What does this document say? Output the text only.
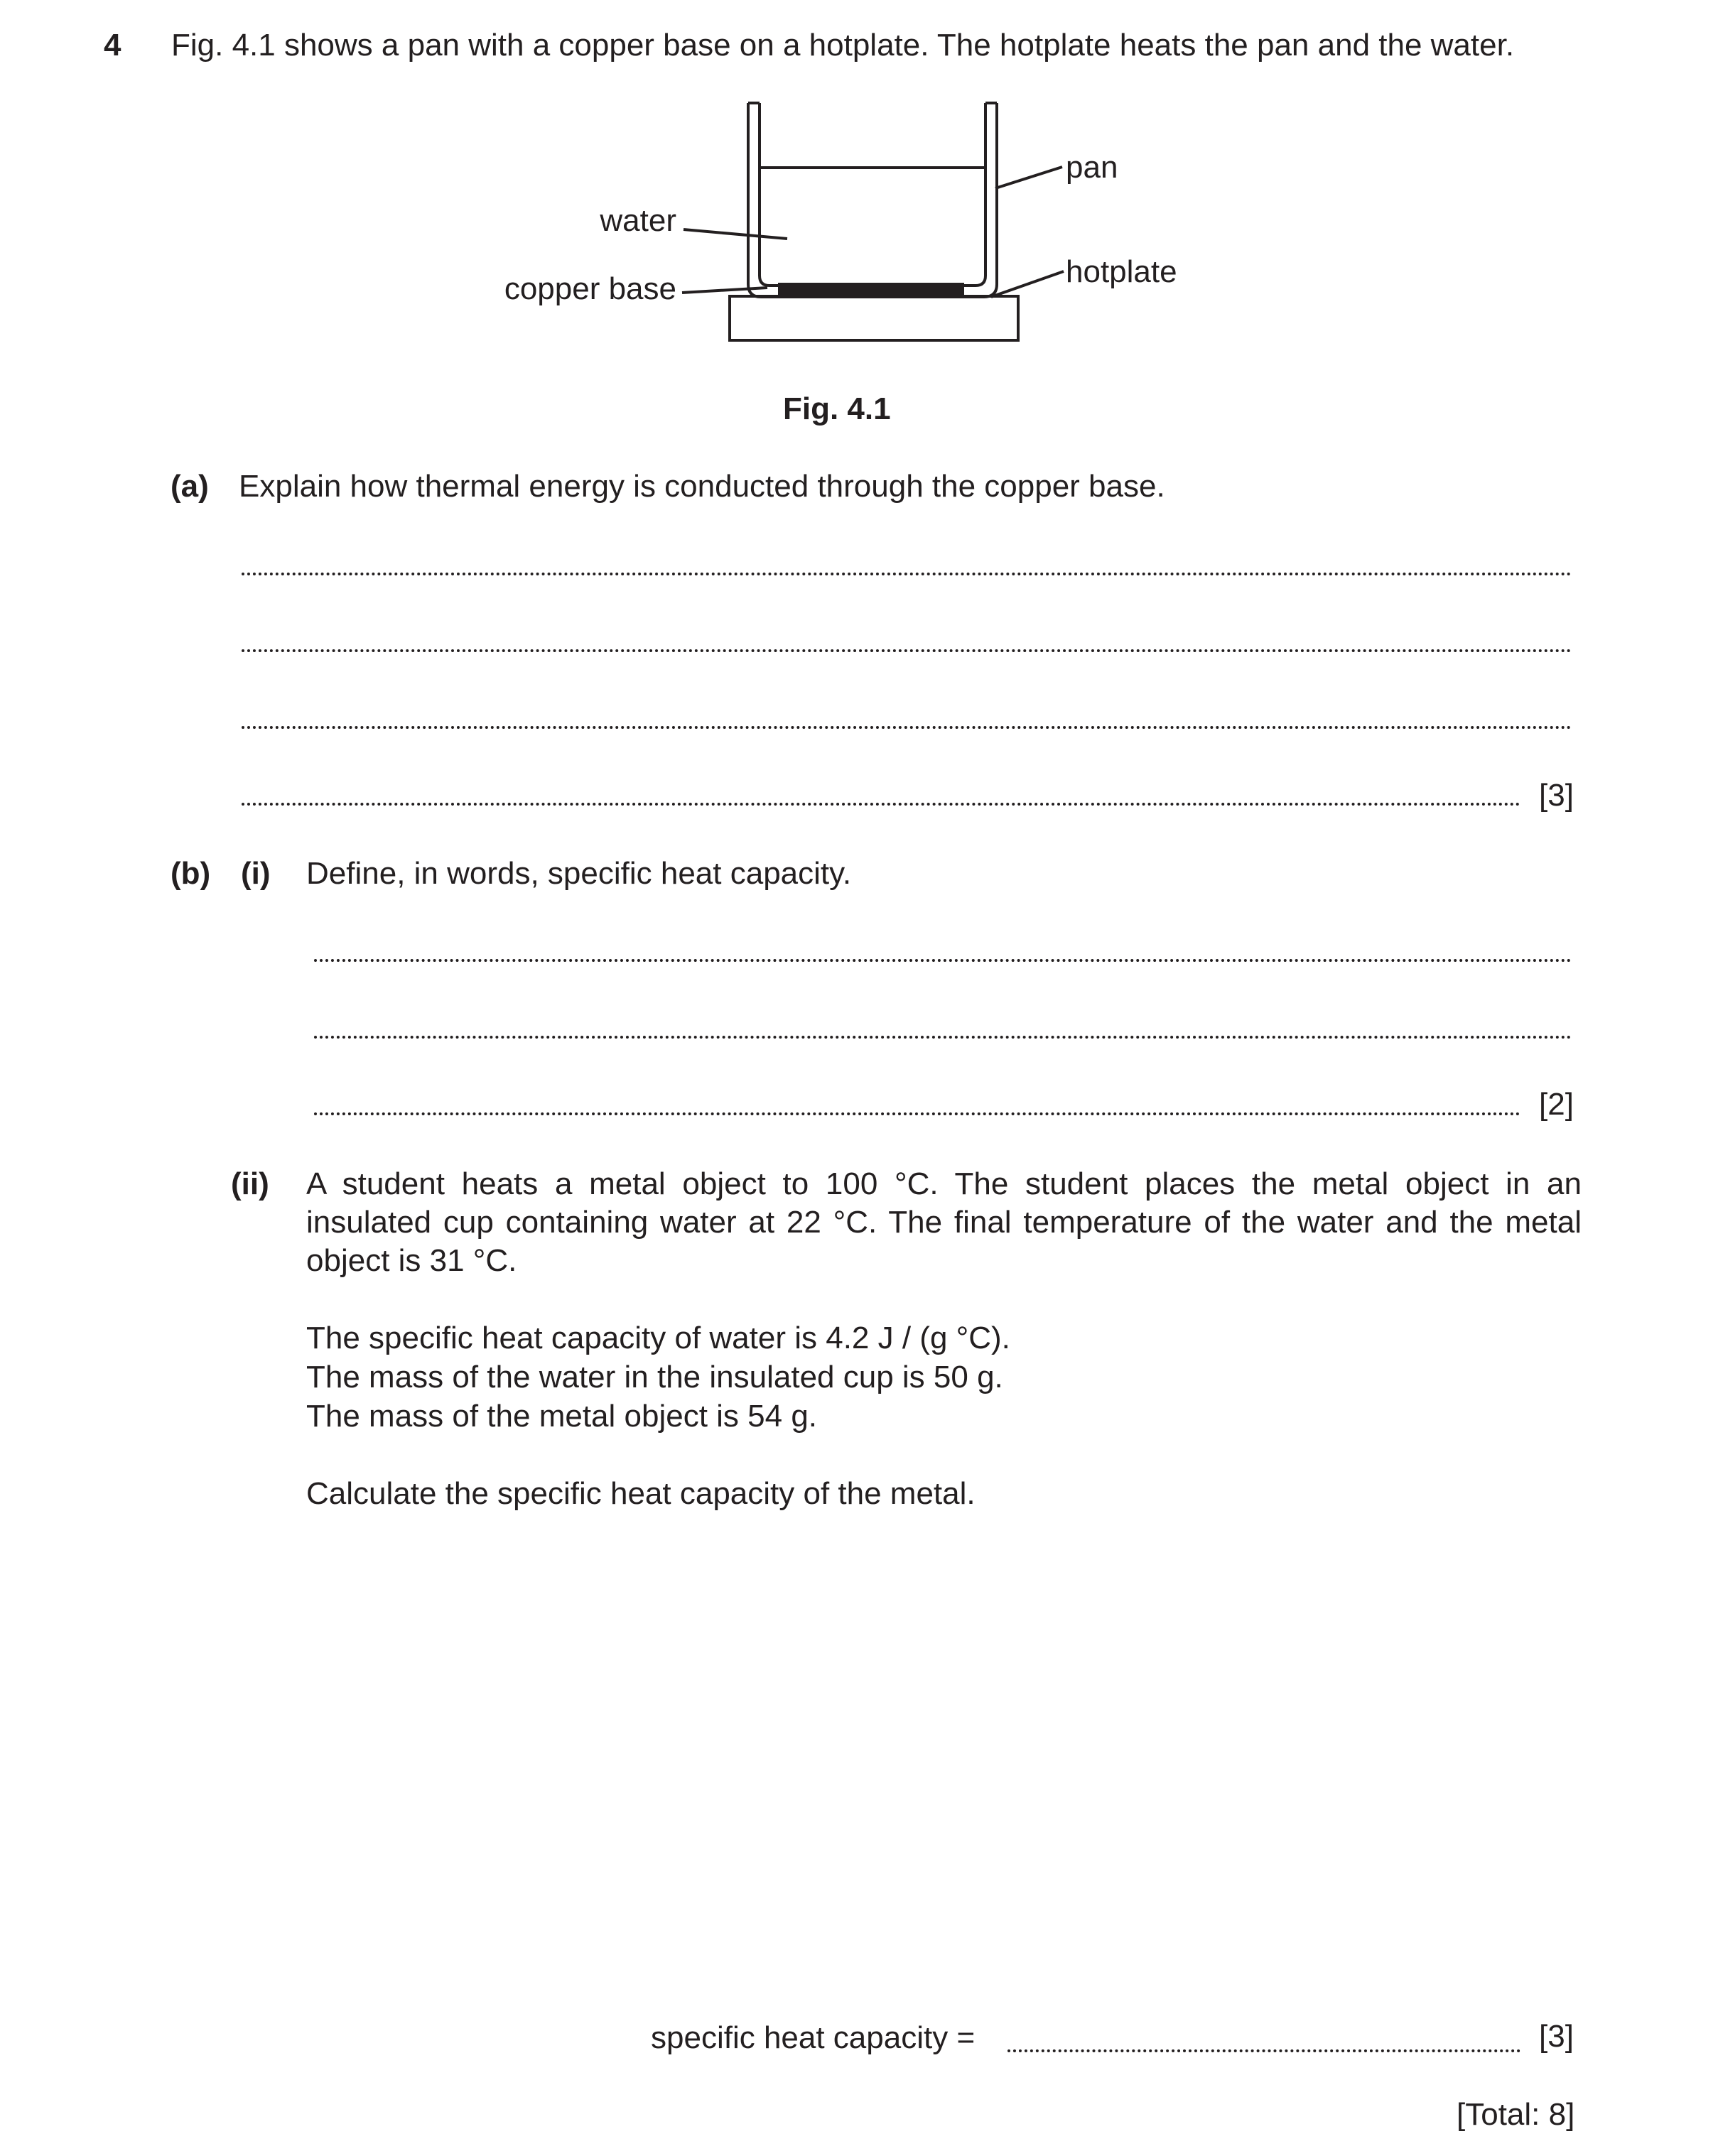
4 Fig. 4.1 shows a pan with a copper base on a hotplate. The hotplate heats the pan and the water.
water
copper base
pan
hotplate
Fig. 4.1
(a) Explain how thermal energy is conducted through the copper base.
[3]
(b) (i) Define, in words, specific heat capacity.
[2]
(ii) A student heats a metal object to 100 °C. The student places the metal object in an insulated cup containing water at 22 °C. The final temperature of the water and the metal object is 31 °C.
The specific heat capacity of water is 4.2 J / (g °C).
The mass of the water in the insulated cup is 50 g.
The mass of the metal object is 54 g.
Calculate the specific heat capacity of the metal.
specific heat capacity =	[3]
[Total: 8]
